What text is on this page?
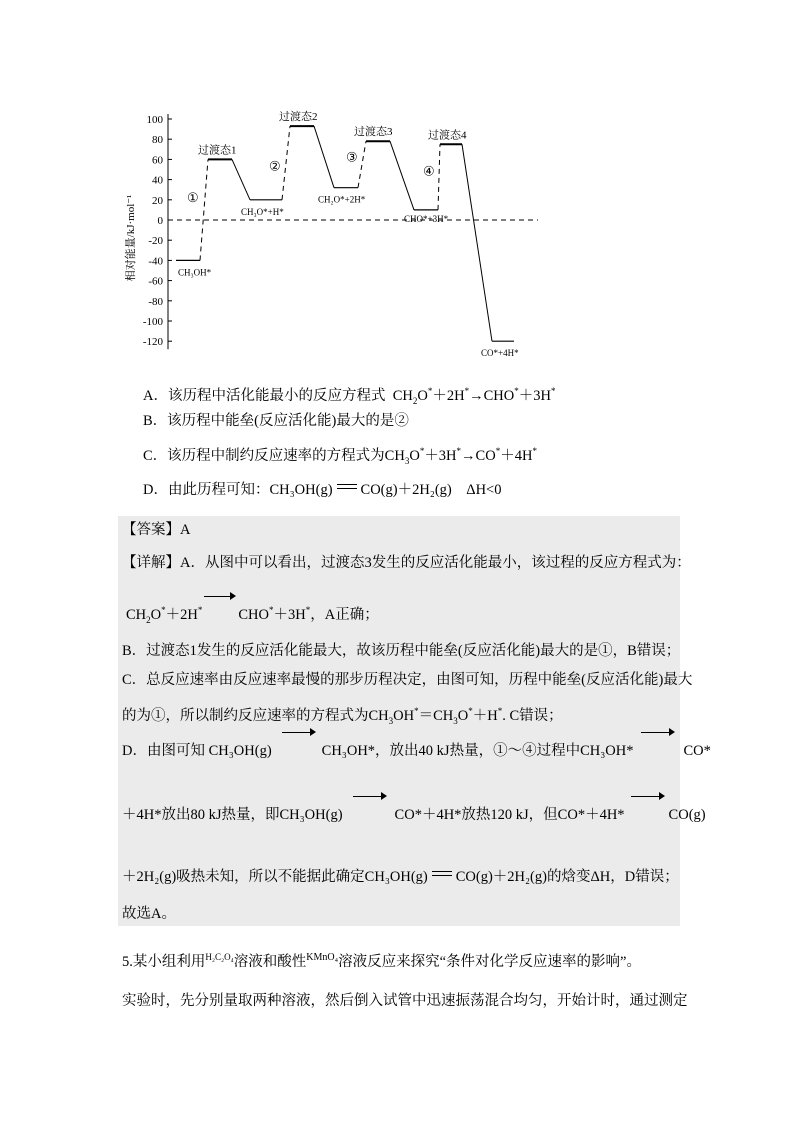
100
80
60
40
20
0
-20
-40
-60
-80
-100
-120
相对能量/kJ·mol⁻¹	CH₃OH*
过渡态1
CH₃O*+H*
过渡态2
CH₂O*+2H*
过渡态3
CHO*+3H*
过渡态4
CO*+4H*
①
②
③
④
A．该历程中活化能最小的反应方程式  $CH_2O^*+2H^*\to CHO^*+3H^*$
B．该历程中能垒(反应活化能)最大的是②
C．该历程中制约反应速率的方程式为$CH_3O^*+3H^*\to CO^*+4H^*$
D．由此历程可知：CH₃OH(g) CO(g)＋2H₂(g)　ΔH<0
【答案】A
【详解】A．从图中可以看出，过渡态3发生的反应活化能最小，该过程的反应方程式为：
$CH_2O^*+2H^*$ CHO*＋3H*，A正确；
B．过渡态1发生的反应活化能最大，故该历程中能垒(反应活化能)最大的是①，B错误；
C．总反应速率由反应速率最慢的那步历程决定，由图可知，历程中能垒(反应活化能)最大
的为①，所以制约反应速率的方程式为$CH_3OH^*=CH_3O^*+H^*$. C错误；
D．由图可知 CH₃OH(g)	CH₃OH*，放出40 kJ热量，①～④过程中CH₃OH*	CO*
＋4H*放出80 kJ热量，即CH₃OH(g)	CO*＋4H*放热120 kJ，但CO*＋4H*	CO(g)
＋2H₂(g)吸热未知，所以不能据此确定CH₃OH(g) CO(g)＋2H₂(g)的焓变ΔH，D错误；
故选A。
5.某小组利用$^{H_2C_2O_4}$溶液和酸性$^{KMnO_4}$溶液反应来探究“条件对化学反应速率的影响”。
实验时，先分别量取两种溶液，然后倒入试管中迅速振荡混合均匀，开始计时，通过测定
